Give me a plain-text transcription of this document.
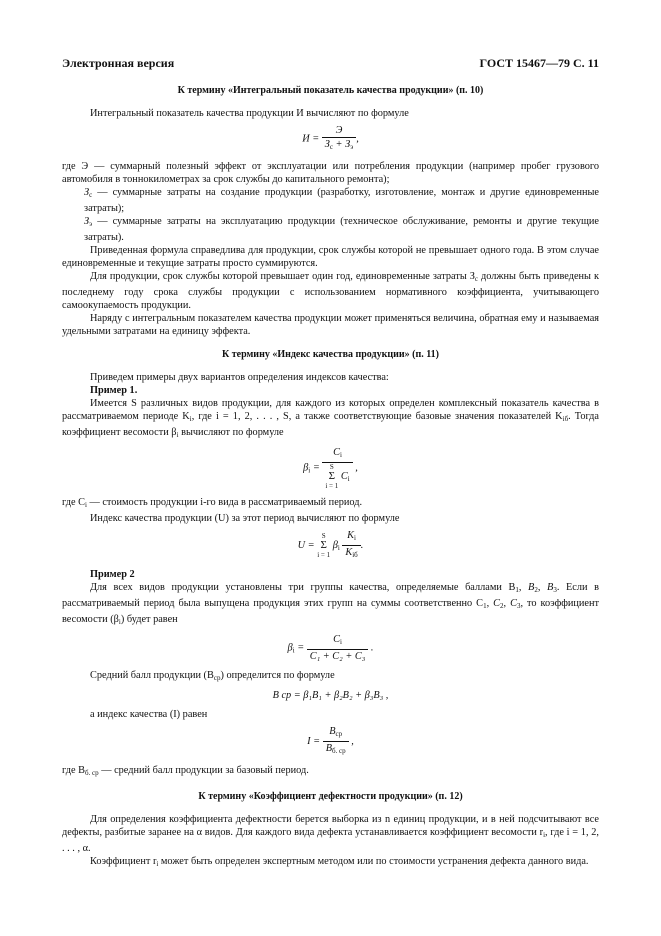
Электронная версия	ГОСТ 15467—79 С. 11
К термину «Интегральный показатель качества продукции» (п. 10)

Интегральный показатель качества продукции И вычисляют по формуле

$И = \frac{Э}{З_с + З_э}$ ,
где Э — суммарный полезный эффект от эксплуатации или потребления продукции (например пробег грузового автомобиля в тоннокилометрах за срок службы до капитального ремонта);
$З_с$ — суммарные затраты на создание продукции (разработку, изготовление, монтаж и другие единовременные затраты);
$З_э$ — суммарные затраты на эксплуатацию продукции (техническое обслуживание, ремонты и другие текущие затраты).

Приведенная формула справедлива для продукции, срок службы которой не превышает одного года. В этом случае единовременные и текущие затраты просто суммируются.

Для продукции, срок службы которой превышает один год, единовременные затраты $З_с$ должны быть приведены к последнему году срока службы продукции с использованием нормативного коэффициента, учитывающего самоокупаемость продукции.

Наряду с интегральным показателем качества продукции может применяться величина, обратная ему и называемая удельными затратами на единицу эффекта.

К термину «Индекс качества продукции» (п. 11)

Приведем примеры двух вариантов определения индексов качества:

Пример 1.

Имеется S различных видов продукции, для каждого из которых определен комплексный показатель качества в рассматриваемом периоде $K_i$, где i = 1, 2, . . . , S, а также соответствующие базовые значения показателей $K_{iб}$. Тогда коэффициент весомости $\beta_i$ вычисляют по формуле

$\beta_i$ =
$C_i$
S
Σ
i = 1 $C_i$
,

где $C_i$ — стоимость продукции i-го вида в рассматриваемый период.

Индекс качества продукции (U) за этот период вычисляют по формуле

U = S
Σ
i = 1 $\beta_i \frac{K_i}{K_{iб}}$ .

Пример 2

Для всех видов продукции установлены три группы качества, определяемые баллами $B_1$, $B_2$, $B_3$. Если в рассматриваемый период была выпущена продукция этих групп на суммы соответственно $C_1$, $C_2$, $C_3$, то коэффициент весомости $(\beta_i)$ будет равен

$\beta_i = \frac{C_i}{\text{C₁ + C₂ + C₃}}$ .

Средний балл продукции $(B_{ср})$ определится по формуле

B ср = β₁B₁ + β₂B₂ + β₃B₃ ,

а индекс качества (I) равен

$I = \frac{B_{ср}}{B_{б. ср}}$ ,

где $B_{б. ср}$ — средний балл продукции за базовый период.

К термину «Коэффициент дефектности продукции» (п. 12)

Для определения коэффициента дефектности берется выборка из n единиц продукции, и в ней подсчитывают все дефекты, разбитые заранее на α видов. Для каждого вида дефекта устанавливается коэффициент весомости $r_i$, где i = 1, 2, . . . , α.

Коэффициент $r_i$ может быть определен экспертным методом или по стоимости устранения дефекта данного вида.
